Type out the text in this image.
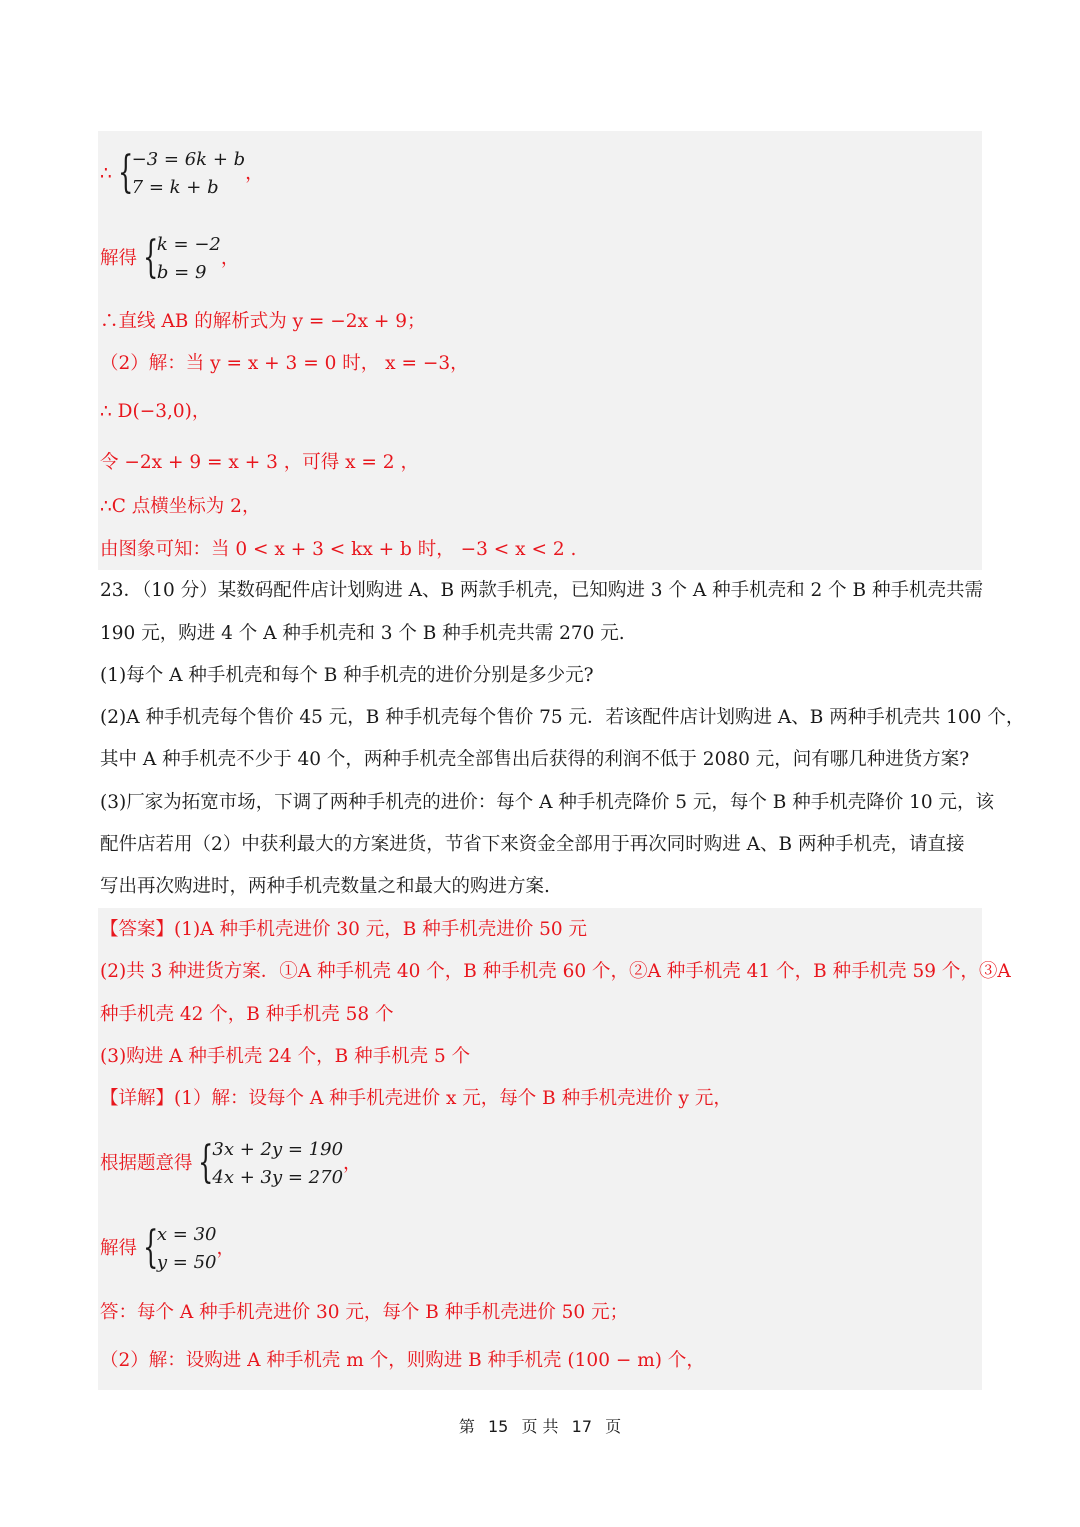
∴ {
−3 = 6k + b
7 = k + b
，
解得 {
k = −2
b = 9
，
∴直线 AB 的解析式为 y = −2x + 9；
（2）解：当 y = x + 3 = 0 时， x = −3，
∴ D(−3,0)，
令 −2x + 9 = x + 3 ，可得 x = 2 ，
∴C 点横坐标为 2，
由图象可知：当 0 < x + 3 < kx + b 时， −3 < x < 2 .
23．（10 分）某数码配件店计划购进 A、B 两款手机壳，已知购进 3 个 A 种手机壳和 2 个 B 种手机壳共需
190 元，购进 4 个 A 种手机壳和 3 个 B 种手机壳共需 270 元.
(1)每个 A 种手机壳和每个 B 种手机壳的进价分别是多少元?
(2)A 种手机壳每个售价 45 元，B 种手机壳每个售价 75 元．若该配件店计划购进 A、B 两种手机壳共 100 个，
其中 A 种手机壳不少于 40 个，两种手机壳全部售出后获得的利润不低于 2080 元，问有哪几种进货方案?
(3)厂家为拓宽市场，下调了两种手机壳的进价：每个 A 种手机壳降价 5 元，每个 B 种手机壳降价 10 元，该
配件店若用（2）中获利最大的方案进货，节省下来资金全部用于再次同时购进 A、B 两种手机壳，请直接
写出再次购进时，两种手机壳数量之和最大的购进方案.
【答案】(1)A 种手机壳进价 30 元，B 种手机壳进价 50 元
(2)共 3 种进货方案．①A 种手机壳 40 个，B 种手机壳 60 个，②A 种手机壳 41 个，B 种手机壳 59 个，③A
种手机壳 42 个，B 种手机壳 58 个
(3)购进 A 种手机壳 24 个，B 种手机壳 5 个
【详解】(1）解：设每个 A 种手机壳进价 x 元，每个 B 种手机壳进价 y 元，
根据题意得 {
3x + 2y = 190
4x + 3y = 270
，
解得 {
x = 30
y = 50
，
答：每个 A 种手机壳进价 30 元，每个 B 种手机壳进价 50 元；
（2）解：设购进 A 种手机壳 m 个，则购进 B 种手机壳 (100 − m) 个，
第 15 页 共 17 页
